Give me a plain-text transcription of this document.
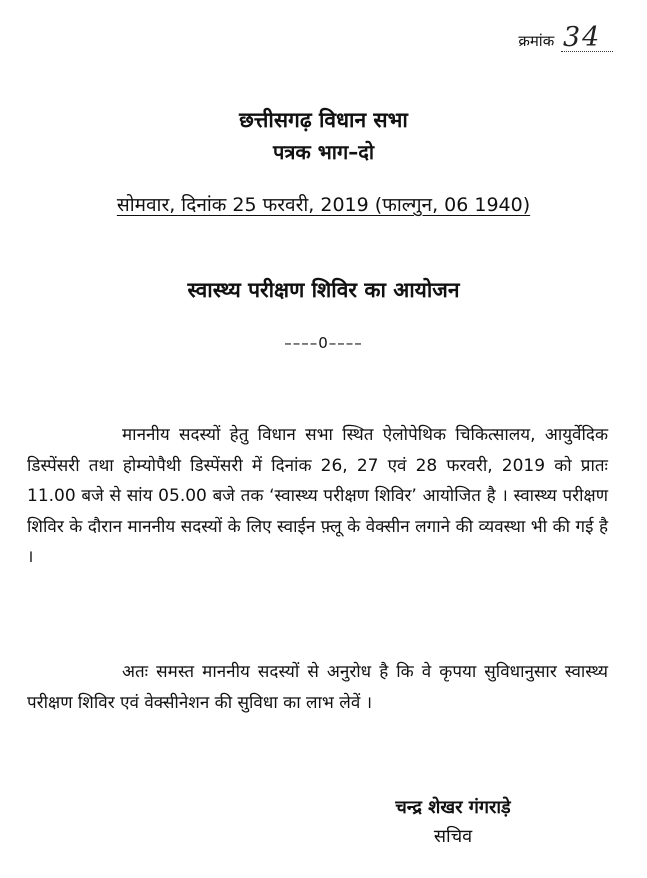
क्रमांक 34
छत्तीसगढ़ विधान सभा
पत्रक भाग–दो
सोमवार, दिनांक 25 फरवरी, 2019 (फाल्गुन, 06 1940)
स्वास्थ्य परीक्षण शिविर का आयोजन
––––0––––

माननीय सदस्यों हेतु विधान सभा स्थित ऐलोपेथिक चिकित्सालय, आयुर्वेदिक डिस्पेंसरी तथा होम्योपैथी डिस्पेंसरी में दिनांक 26, 27 एवं 28 फरवरी, 2019 को प्रातः 11.00 बजे से सांय 05.00 बजे तक ‘स्वास्थ्य परीक्षण शिविर’ आयोजित है । स्वास्थ्य परीक्षण शिविर के दौरान माननीय सदस्यों के लिए स्वाईन फ़्लू के वेक्सीन लगाने की व्यवस्था भी की गई है ।

अतः समस्त माननीय सदस्यों से अनुरोध है कि वे कृपया सुविधानुसार स्वास्थ्य परीक्षण शिविर एवं वेक्सीनेशन की सुविधा का लाभ लेवें ।

चन्द्र शेखर गंगराड़े
सचिव
